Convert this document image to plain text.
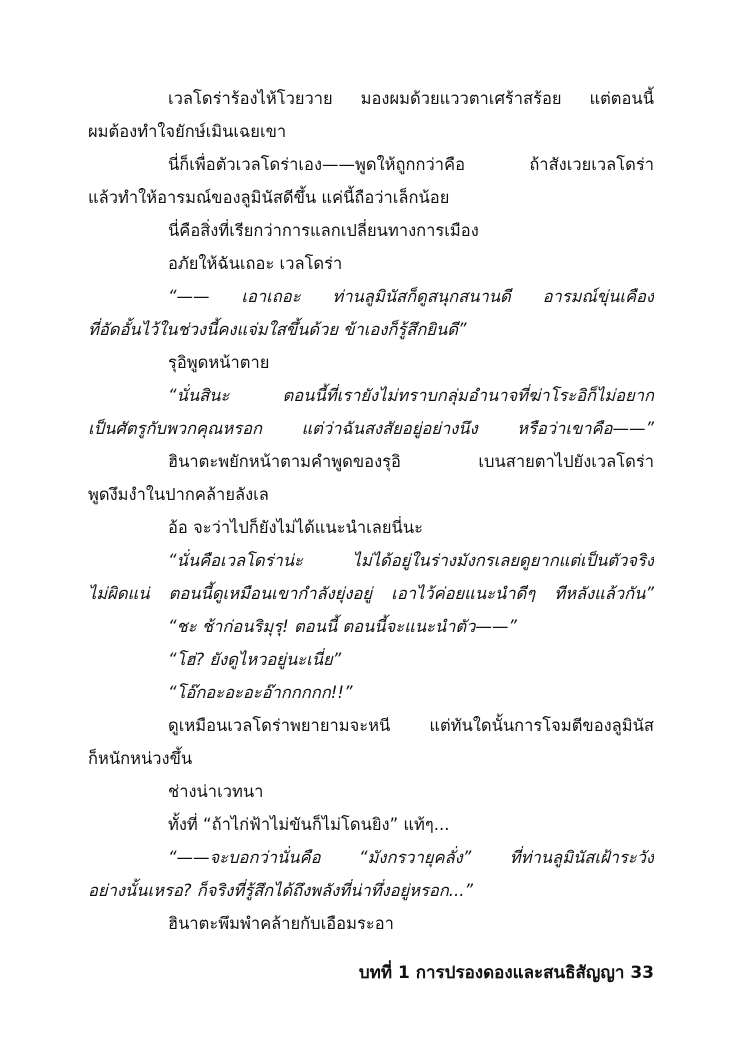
เวลโดร่าร้องไห้โวยวาย มองผมด้วยแววตาเศร้าสร้อย แต่ตอนนี้
ผมต้องทำใจยักษ์เมินเฉยเขา
นี่ก็เพื่อตัวเวลโดร่าเอง——พูดให้ถูกกว่าคือ ถ้าสังเวยเวลโดร่า
แล้วทำให้อารมณ์ของลูมินัสดีขึ้น แค่นี้ถือว่าเล็กน้อย
นี่คือสิ่งที่เรียกว่าการแลกเปลี่ยนทางการเมือง
อภัยให้ฉันเถอะ เวลโดร่า
“—— เอาเถอะ ท่านลูมินัสก็ดูสนุกสนานดี อารมณ์ขุ่นเคือง
ที่อัดอั้นไว้ในช่วงนี้คงแจ่มใสขึ้นด้วย ข้าเองก็รู้สึกยินดี”
รุอิพูดหน้าตาย
“นั่นสินะ ตอนนี้ที่เรายังไม่ทราบกลุ่มอำนาจที่ฆ่าโระอิก็ไม่อยาก
เป็นศัตรูกับพวกคุณหรอก แต่ว่าฉันสงสัยอยู่อย่างนึง หรือว่าเขาคือ——”
ฮินาตะพยักหน้าตามคำพูดของรุอิ เบนสายตาไปยังเวลโดร่า
พูดงึมงำในปากคล้ายลังเล
อ้อ จะว่าไปก็ยังไม่ได้แนะนำเลยนี่นะ
“นั่นคือเวลโดร่าน่ะ ไม่ได้อยู่ในร่างมังกรเลยดูยากแต่เป็นตัวจริง
ไม่ผิดแน่ ตอนนี้ดูเหมือนเขากำลังยุ่งอยู่ เอาไว้ค่อยแนะนำดีๆ ทีหลังแล้วกัน”
“ชะ ช้าก่อนริมุรุ! ตอนนี้ ตอนนี้จะแนะนำตัว——”
“โฮ่? ยังดูไหวอยู่นะเนี่ย”
“โอ๊กอะอะอะอ๊ากกกกก!!”
ดูเหมือนเวลโดร่าพยายามจะหนี แต่ทันใดนั้นการโจมตีของลูมินัส
ก็หนักหน่วงขึ้น
ช่างน่าเวทนา
ทั้งที่ “ถ้าไก่ฟ้าไม่ขันก็ไม่โดนยิง” แท้ๆ...
“——จะบอกว่านั่นคือ “มังกรวายุคลั่ง” ที่ท่านลูมินัสเฝ้าระวัง
อย่างนั้นเหรอ? ก็จริงที่รู้สึกได้ถึงพลังที่น่าทึ่งอยู่หรอก...”
ฮินาตะพึมพำคล้ายกับเอือมระอา
บทที่ 1 การปรองดองและสนธิสัญญา 33
